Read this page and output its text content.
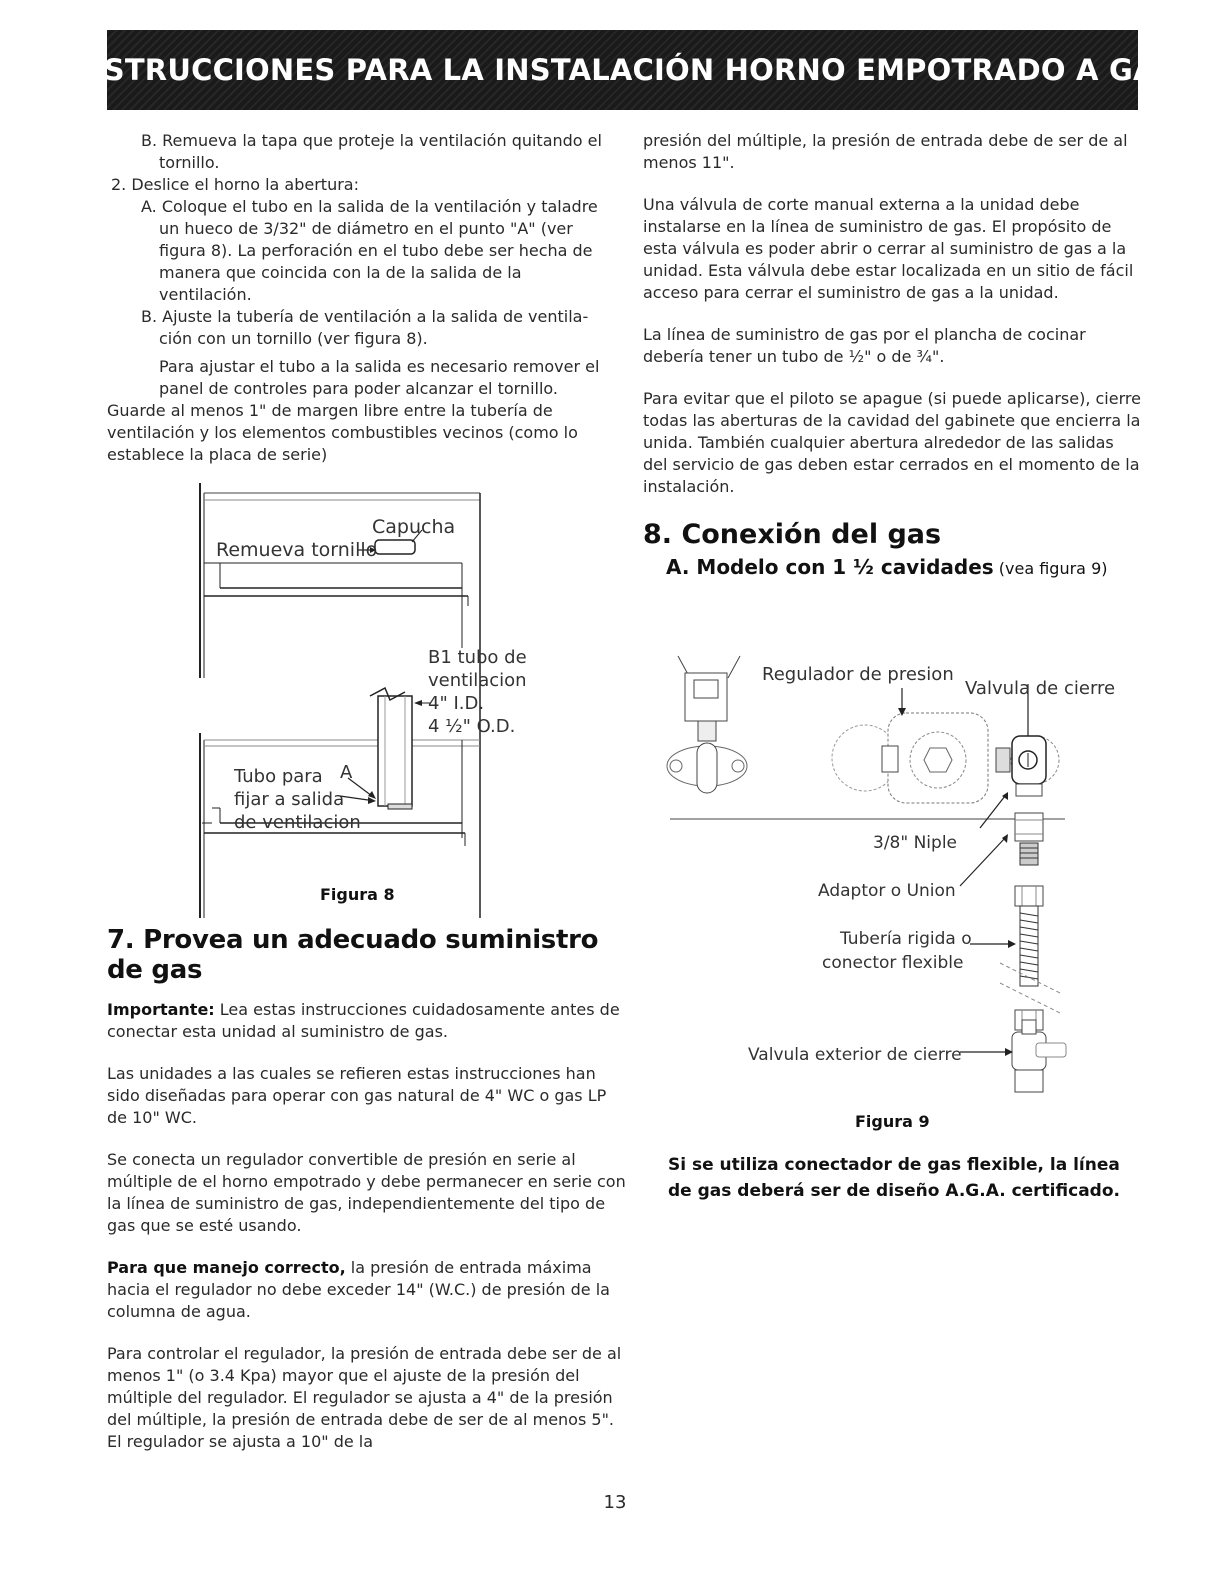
INSTRUCCIONES PARA LA INSTALACIÓN HORNO EMPOTRADO A GAS

B. Remueva la tapa que proteje la ventilación quitando el tornillo.

2. Deslice el horno la abertura:

A. Coloque el tubo en la salida de la ventilación y taladre un hueco de 3/32" de diámetro en el punto "A" (ver figura 8). La perforación en el tubo debe ser hecha de manera que coincida con la de la salida de la ventilación.

B. Ajuste la tubería de ventilación a la salida de ventila-ción con un tornillo (ver figura 8).

Para ajustar el tubo a la salida es necesario remover el panel de controles para poder alcanzar el tornillo.

Guarde al menos 1" de margen libre entre la tubería de ventilación y los elementos combustibles vecinos (como lo establece la placa de serie)

7. Provea un adecuado suministro de gas

Importante: Lea estas instrucciones cuidadosamente antes de conectar esta unidad al suministro de gas.

Las unidades a las cuales se refieren estas instrucciones han sido diseñadas para operar con gas natural de 4" WC o gas LP de 10" WC.

Se conecta un regulador convertible de presión en serie al múltiple de el horno empotrado y debe permanecer en serie con la línea de suministro de gas, independientemente del tipo de gas que se esté usando.

Para que manejo correcto, la presión de entrada máxima hacia el regulador no debe exceder 14" (W.C.) de presión de la columna de agua.

Para controlar el regulador, la presión de entrada debe ser de al menos 1" (o 3.4 Kpa) mayor que el ajuste de la presión del múltiple del regulador. El regulador se ajusta a 4" de la presión del múltiple, la presión de entrada debe de ser de al menos 5". El regulador se ajusta a 10" de la

Capucha
Remueva tornillo
B1 tubo de
ventilacion
4" I.D.
4 ½" O.D.
Tubo para A
fijar a salida
de ventilacion
Figura 8

presión del múltiple, la presión de entrada debe de ser de al menos 11".

Una válvula de corte manual externa a la unidad debe instalarse en la línea de suministro de gas. El propósito de esta válvula es poder abrir o cerrar al suministro de gas a la unidad. Esta válvula debe estar localizada en un sitio de fácil acceso para cerrar el suministro de gas a la unidad.

La línea de suministro de gas por el plancha de cocinar debería tener un tubo de ½" o de ¾".

Para evitar que el piloto se apague (si puede aplicarse), cierre todas las aberturas de la cavidad del gabinete que encierra la unida. También cualquier abertura alrededor de las salidas del servicio de gas deben estar cerrados en el momento de la instalación.

8. Conexión del gas
A. Modelo con 1 ½ cavidades (vea figura 9)
Regulador de presion
Valvula de cierre
3/8" Niple
Adaptor o Union
Tubería rigida o
conector flexible
Valvula exterior de cierre
Figura 9
Si se utiliza conectador de gas flexible, la línea de gas deberá ser de diseño A.G.A. certificado.
13
